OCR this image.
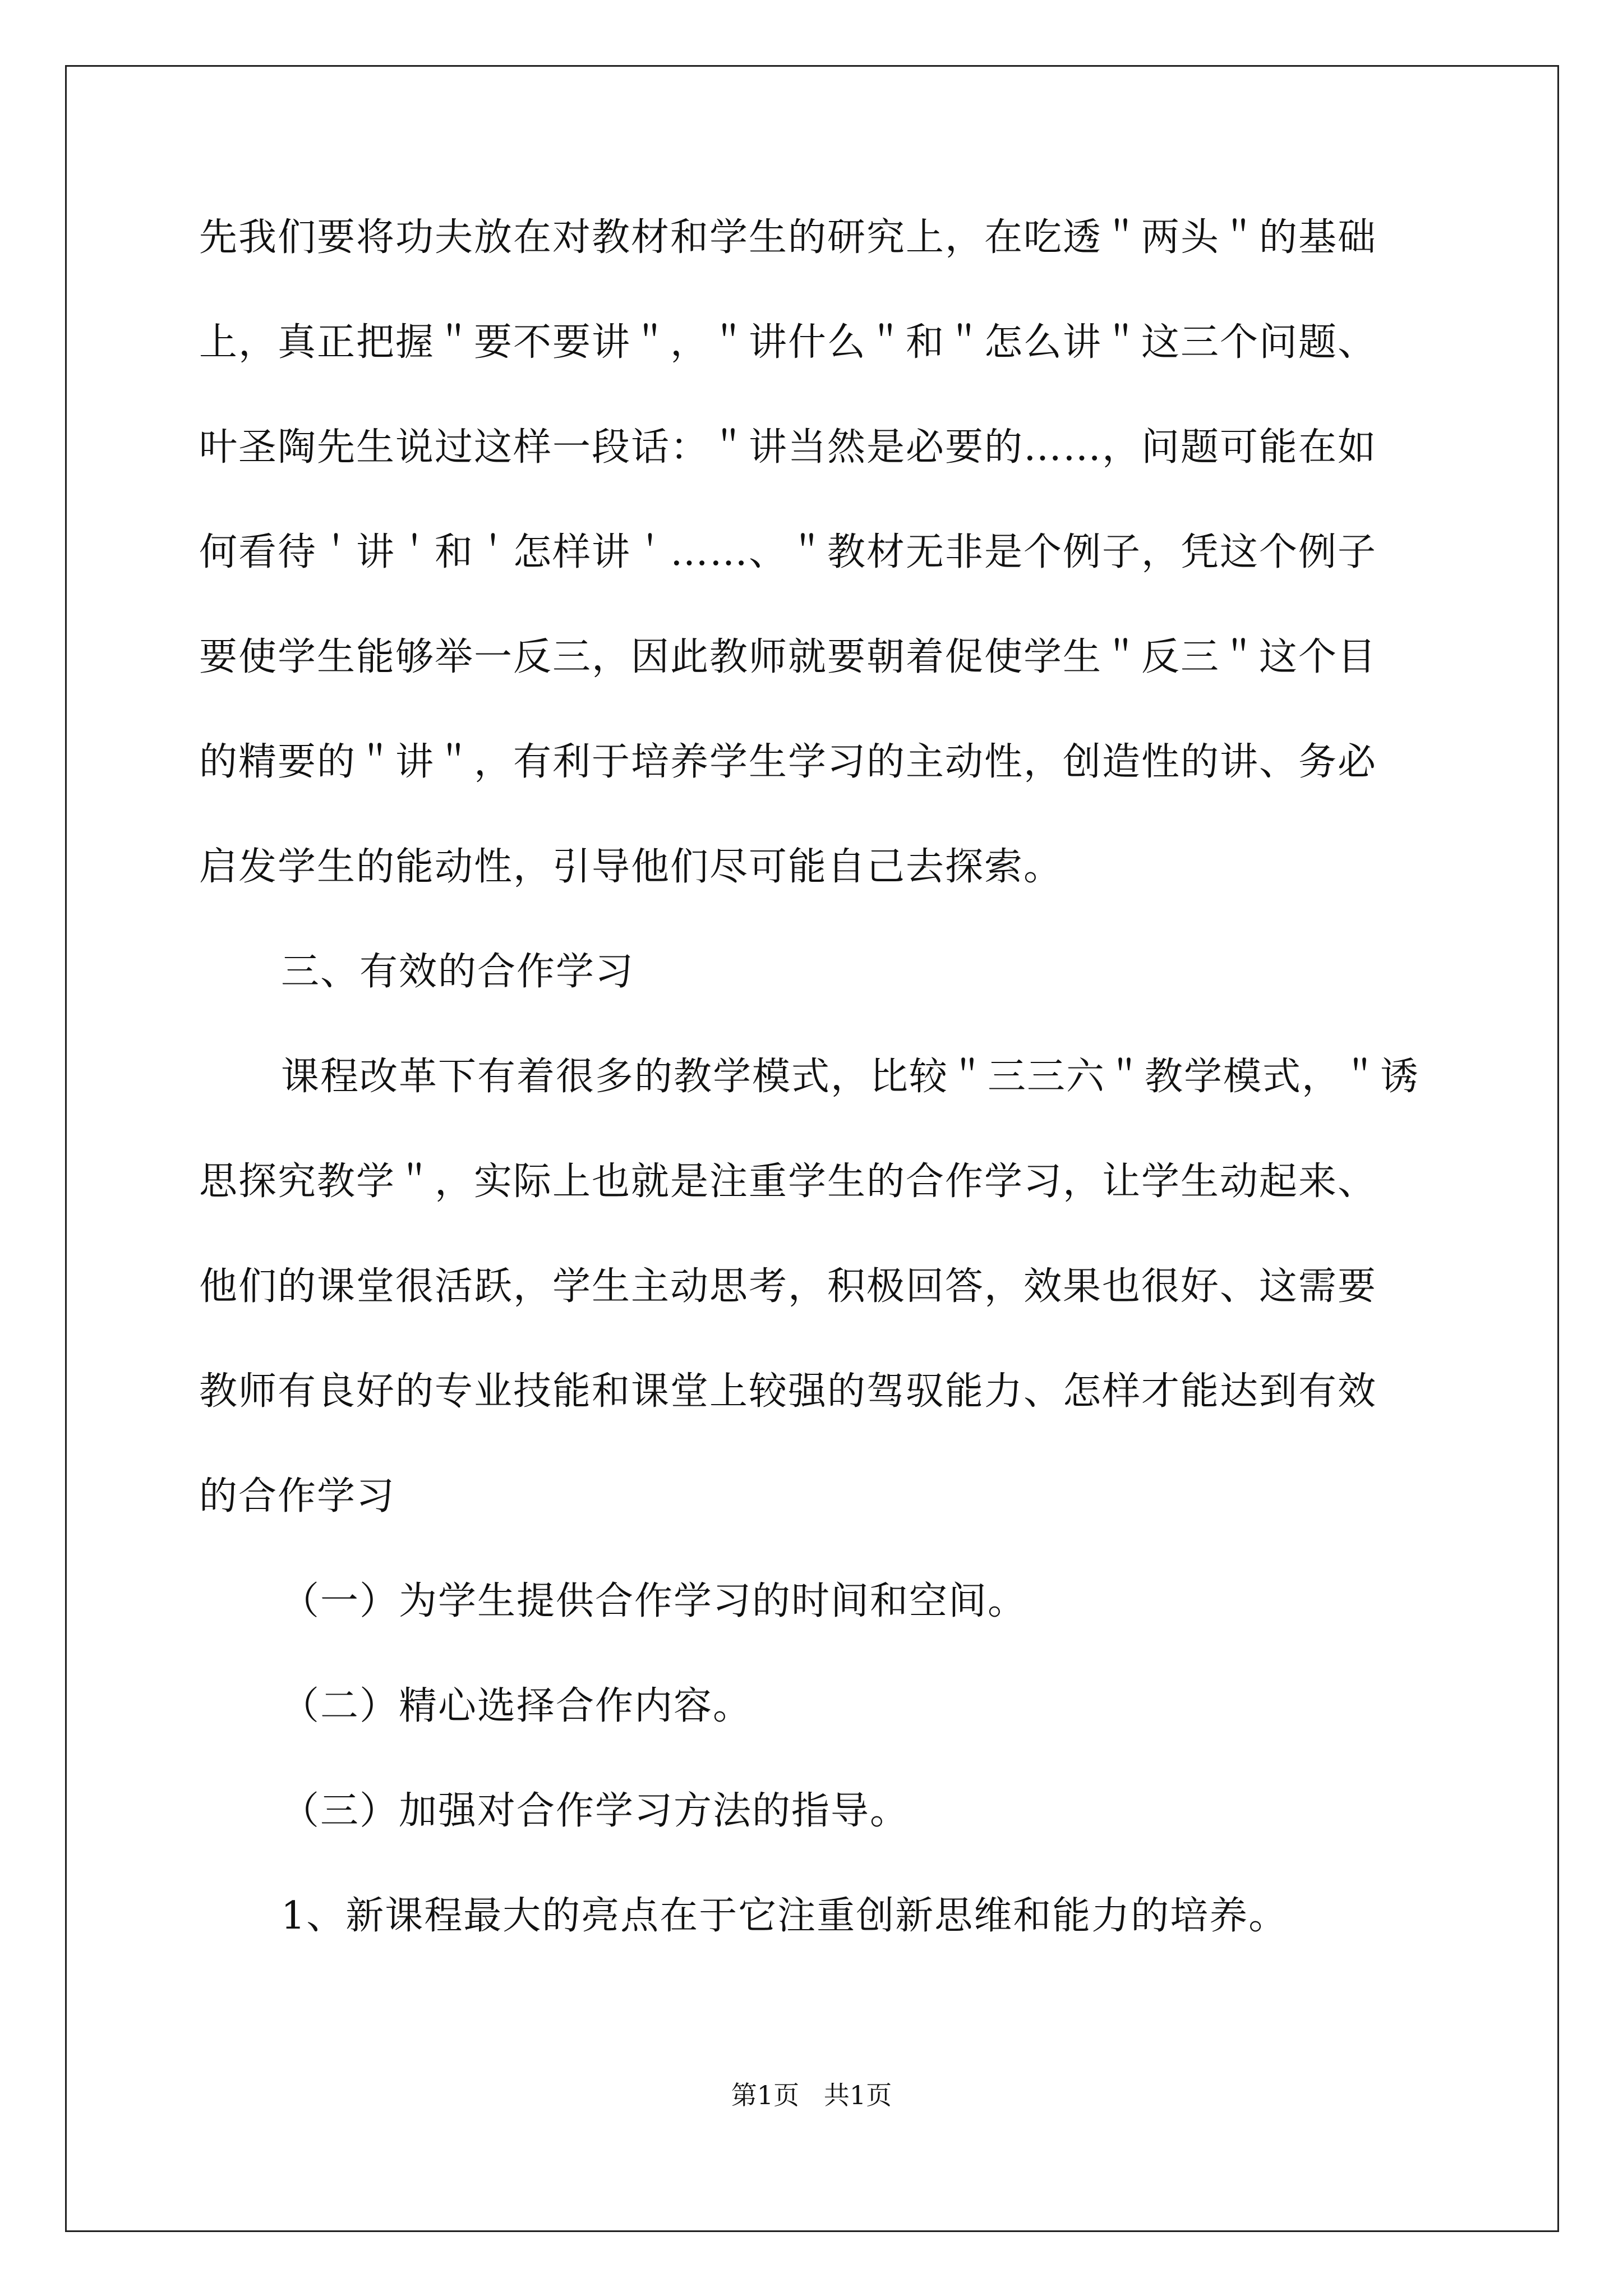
先我们要将功夫放在对教材和学生的研究上，在吃透＂两头＂的基础
上，真正把握＂要不要讲＂，＂讲什么＂和＂怎么讲＂这三个问题、
叶圣陶先生说过这样一段话：＂讲当然是必要的……，问题可能在如
何看待＇讲＇和＇怎样讲＇……、＂教材无非是个例子，凭这个例子
要使学生能够举一反三，因此教师就要朝着促使学生＂反三＂这个目
的精要的＂讲＂，有利于培养学生学习的主动性，创造性的讲、务必
启发学生的能动性，引导他们尽可能自己去探索。
三、有效的合作学习
课程改革下有着很多的教学模式，比较＂三三六＂教学模式，＂诱
思探究教学＂，实际上也就是注重学生的合作学习，让学生动起来、
他们的课堂很活跃，学生主动思考，积极回答，效果也很好、这需要
教师有良好的专业技能和课堂上较强的驾驭能力、怎样才能达到有效
的合作学习
（一）为学生提供合作学习的时间和空间。
（二）精心选择合作内容。
（三）加强对合作学习方法的指导。
1、新课程最大的亮点在于它注重创新思维和能力的培养。
第1页   共1页
